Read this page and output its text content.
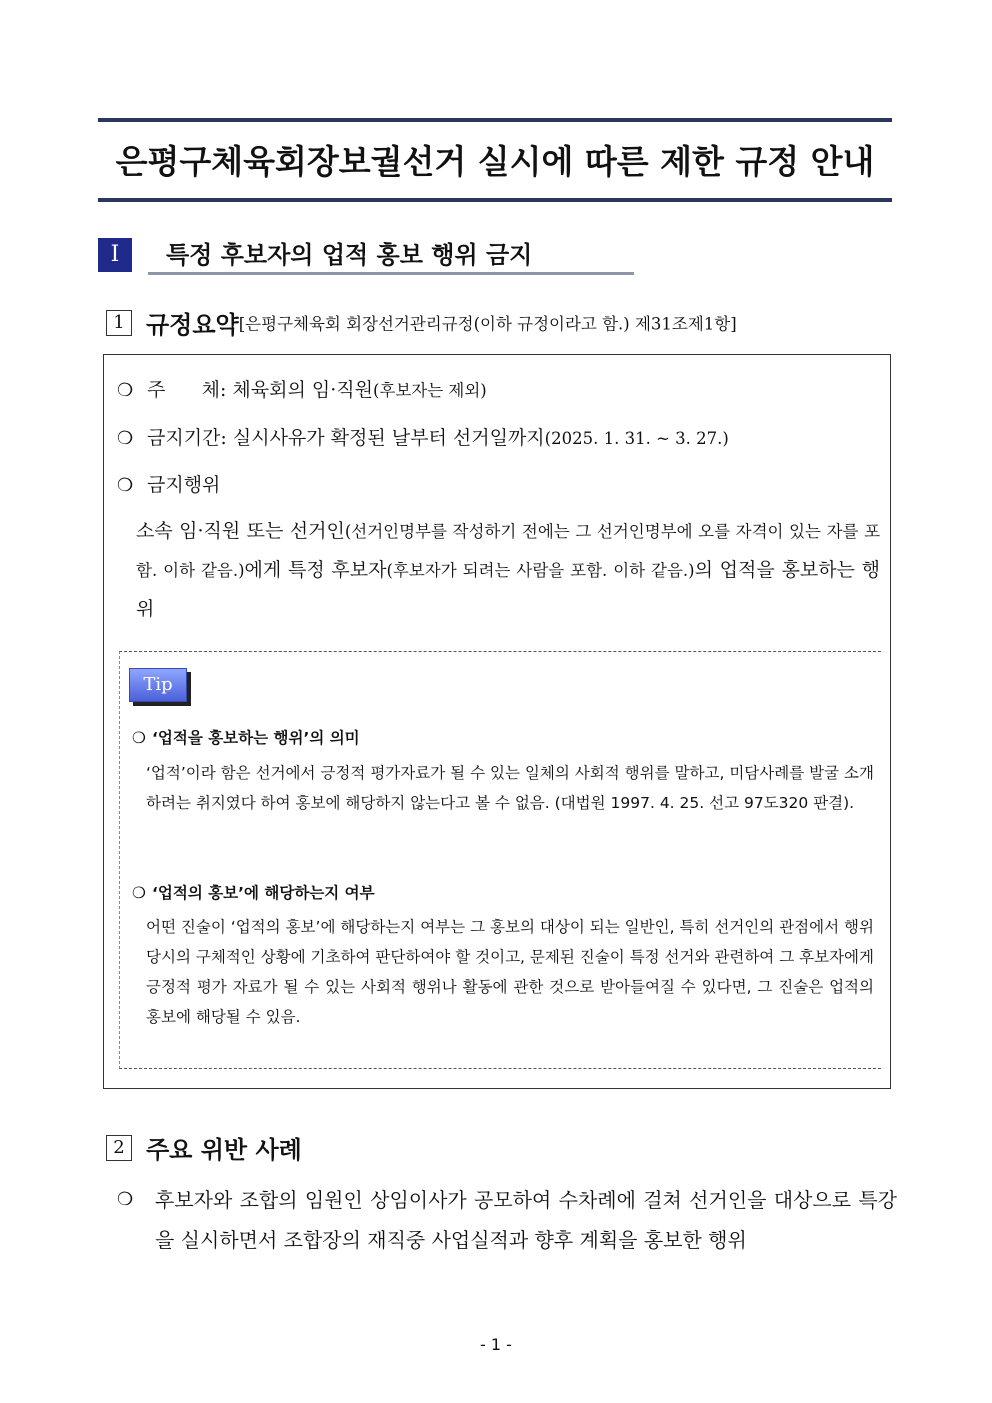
은평구체육회장보궐선거 실시에 따른 제한 규정 안내
I	특정 후보자의 업적 홍보 행위 금지
1 규정요약[은평구체육회 회장선거관리규정(이하 규정이라고 함.) 제31조제1항]
❍ 주      체: 체육회의 임·직원(후보자는 제외)
❍ 금지기간: 실시사유가 확정된 날부터 선거일까지(2025. 1. 31. ~ 3. 27.)
❍ 금지행위
소속 임·직원 또는 선거인(선거인명부를 작성하기 전에는 그 선거인명부에 오를 자격이 있는 자를 포함. 이하 같음.)에게 특정 후보자(후보자가 되려는 사람을 포함. 이하 같음.)의 업적을 홍보하는 행위
Tip
❍ ‘업적을 홍보하는 행위’의 의미
‘업적’이라 함은 선거에서 긍정적 평가자료가 될 수 있는 일체의 사회적 행위를 말하고, 미담사례를 발굴 소개하려는 취지였다 하여 홍보에 해당하지 않는다고 볼 수 없음. (대법원 1997. 4. 25. 선고 97도320 판결).
❍ ‘업적의 홍보’에 해당하는지 여부
어떤 진술이 ‘업적의 홍보’에 해당하는지 여부는 그 홍보의 대상이 되는 일반인, 특히 선거인의 관점에서 행위 당시의 구체적인 상황에 기초하여 판단하여야 할 것이고, 문제된 진술이 특정 선거와 관련하여 그 후보자에게 긍정적 평가 자료가 될 수 있는 사회적 행위나 활동에 관한 것으로 받아들여질 수 있다면, 그 진술은 업적의 홍보에 해당될 수 있음.
2 주요 위반 사례
❍ 후보자와 조합의 임원인 상임이사가 공모하여 수차례에 걸쳐 선거인을 대상으로 특강을 실시하면서 조합장의 재직중 사업실적과 향후 계획을 홍보한 행위
- 1 -
